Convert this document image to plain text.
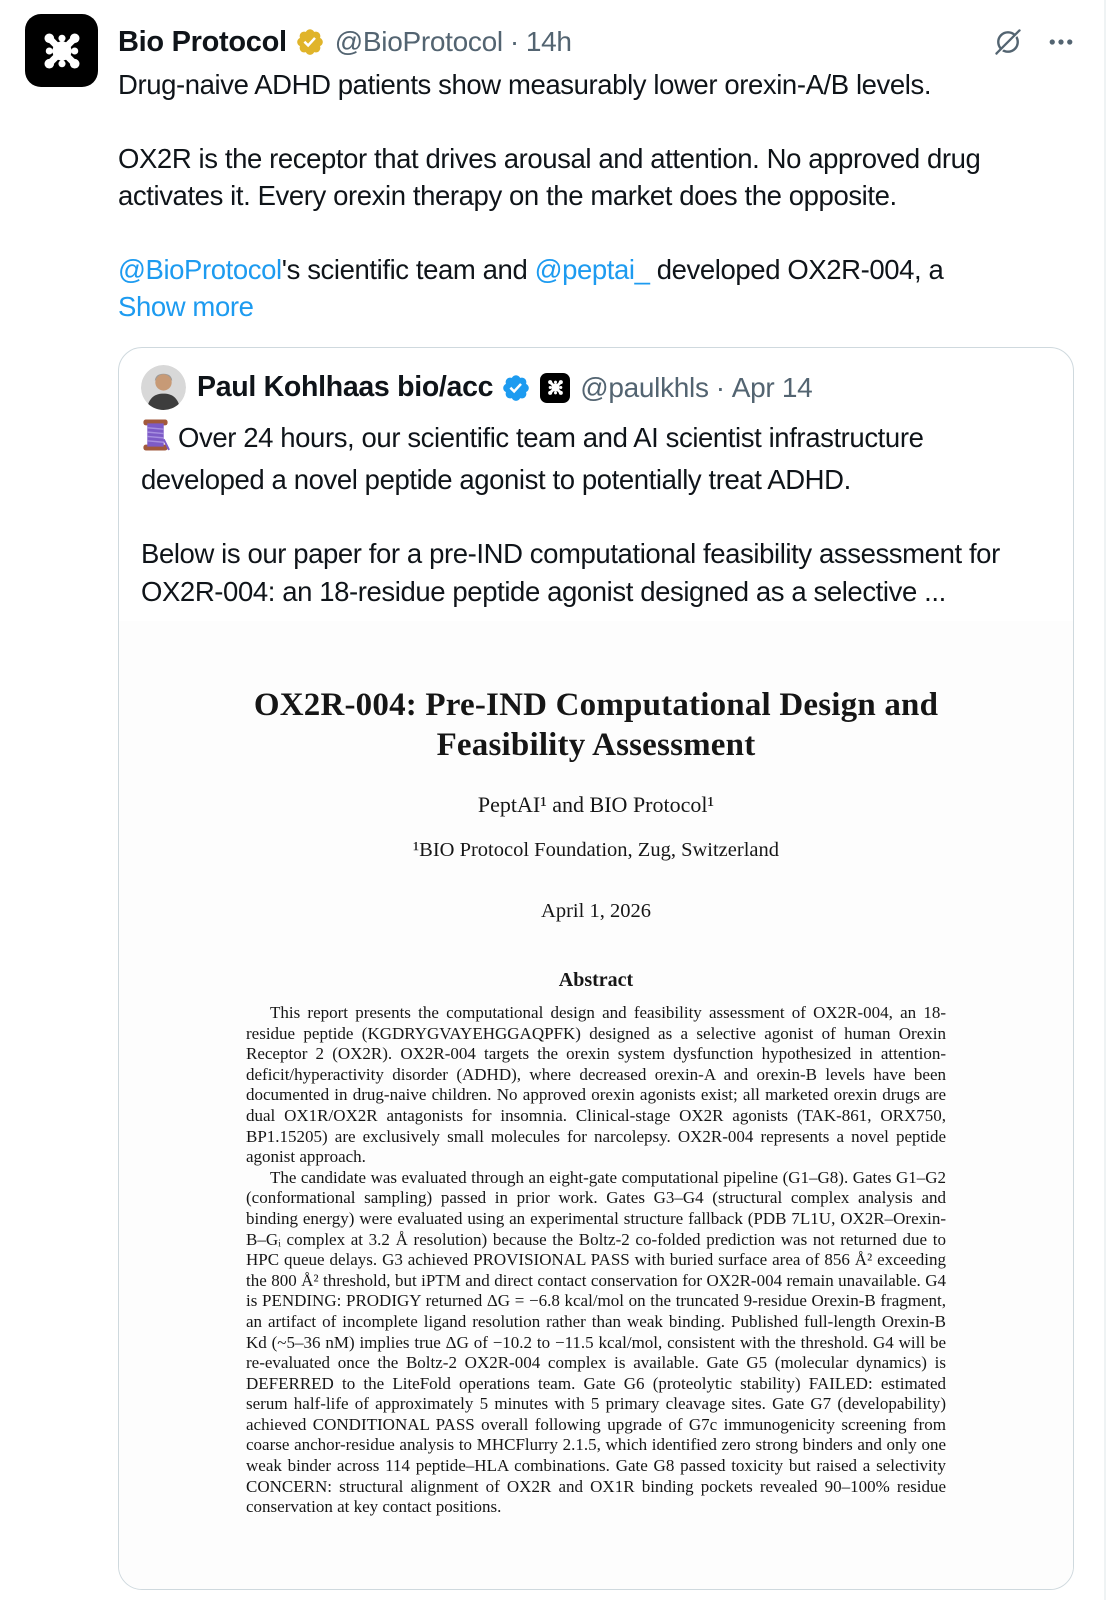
Bio Protocol @BioProtocol · 14h

Drug-naive ADHD patients show measurably lower orexin-A/B levels.

OX2R is the receptor that drives arousal and attention. No approved drug activates it. Every orexin therapy on the market does the opposite.

@BioProtocol's scientific team and @peptai_ developed OX2R-004, a

Show more
Paul Kohlhaas bio/acc	@paulkhls · Apr 14

Over 24 hours, our scientific team and AI scientist infrastructure developed a novel peptide agonist to potentially treat ADHD.

Below is our paper for a pre-IND computational feasibility assessment for OX2R-004: an 18-residue peptide agonist designed as a selective ...

OX2R-004: Pre-IND Computational Design and
Feasibility Assessment
PeptAI¹ and BIO Protocol¹
¹BIO Protocol Foundation, Zug, Switzerland
April 1, 2026
Abstract

This report presents the computational design and feasibility assessment of OX2R-004, an 18-residue peptide (KGDRYGVAYEHGGAQPFK) designed as a selective agonist of human Orexin Receptor 2 (OX2R). OX2R-004 targets the orexin system dysfunction hypothesized in attention-deficit/hyperactivity disorder (ADHD), where decreased orexin-A and orexin-B levels have been documented in drug-naive children. No approved orexin agonists exist; all marketed orexin drugs are dual OX1R/OX2R antagonists for insomnia. Clinical-stage OX2R agonists (TAK-861, ORX750, BP1.15205) are exclusively small molecules for narcolepsy. OX2R-004 represents a novel peptide agonist approach.

The candidate was evaluated through an eight-gate computational pipeline (G1–G8). Gates G1–G2 (conformational sampling) passed in prior work. Gates G3–G4 (structural complex analysis and binding energy) were evaluated using an experimental structure fallback (PDB 7L1U, OX2R–Orexin-B–Gᵢ complex at 3.2 Å resolution) because the Boltz-2 co-folded prediction was not returned due to HPC queue delays. G3 achieved PROVISIONAL PASS with buried surface area of 856 Å² exceeding the 800 Å² threshold, but iPTM and direct contact conservation for OX2R-004 remain unavailable. G4 is PENDING: PRODIGY returned ΔG = −6.8 kcal/mol on the truncated 9-residue Orexin-B fragment, an artifact of incomplete ligand resolution rather than weak binding. Published full-length Orexin-B Kd (~5–36 nM) implies true ΔG of −10.2 to −11.5 kcal/mol, consistent with the threshold. G4 will be re-evaluated once the Boltz-2 OX2R-004 complex is available. Gate G5 (molecular dynamics) is DEFERRED to the LiteFold operations team. Gate G6 (proteolytic stability) FAILED: estimated serum half-life of approximately 5 minutes with 5 primary cleavage sites. Gate G7 (developability) achieved CONDITIONAL PASS overall following upgrade of G7c immunogenicity screening from coarse anchor-residue analysis to MHCFlurry 2.1.5, which identified zero strong binders and only one weak binder across 114 peptide–HLA combinations. Gate G8 passed toxicity but raised a selectivity CONCERN: structural alignment of OX2R and OX1R binding pockets revealed 90–100% residue conservation at key contact positions.
